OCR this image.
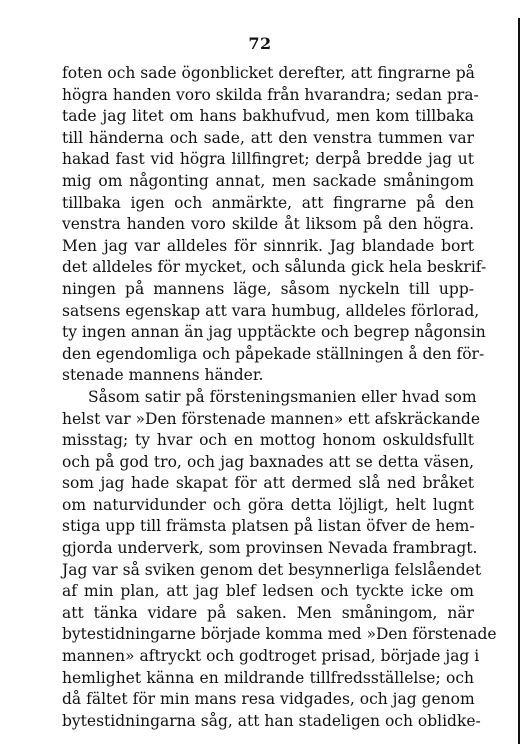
72
foten och sade ögonblicket derefter, att fingrarne på
högra handen voro skilda från hvarandra; sedan pra-
tade jag litet om hans bakhufvud, men kom tillbaka
till händerna och sade, att den venstra tummen var
hakad fast vid högra lillfingret; derpå bredde jag ut
mig om någonting annat, men sackade småningom
tillbaka igen och anmärkte, att fingrarne på den
venstra handen voro skilde åt liksom på den högra.
Men jag var alldeles för sinnrik. Jag blandade bort
det alldeles för mycket, och sålunda gick hela beskrif-
ningen på mannens läge, såsom nyckeln till upp-
satsens egenskap att vara humbug, alldeles förlorad,
ty ingen annan än jag upptäckte och begrep någonsin
den egendomliga och påpekade ställningen å den för-
stenade mannens händer.
Såsom satir på försteningsmanien eller hvad som
helst var »Den förstenade mannen» ett afskräckande
misstag; ty hvar och en mottog honom oskuldsfullt
och på god tro, och jag baxnades att se detta väsen,
som jag hade skapat för att dermed slå ned bråket
om naturvidunder och göra detta löjligt, helt lugnt
stiga upp till främsta platsen på listan öfver de hem-
gjorda underverk, som provinsen Nevada frambragt.
Jag var så sviken genom det besynnerliga felslåendet
af min plan, att jag blef ledsen och tyckte icke om
att tänka vidare på saken. Men småningom, när
bytestidningarne började komma med »Den förstenade
mannen» aftryckt och godtroget prisad, började jag i
hemlighet känna en mildrande tillfredsställelse; och
då fältet för min mans resa vidgades, och jag genom
bytestidningarna såg, att han stadeligen och oblidke-
